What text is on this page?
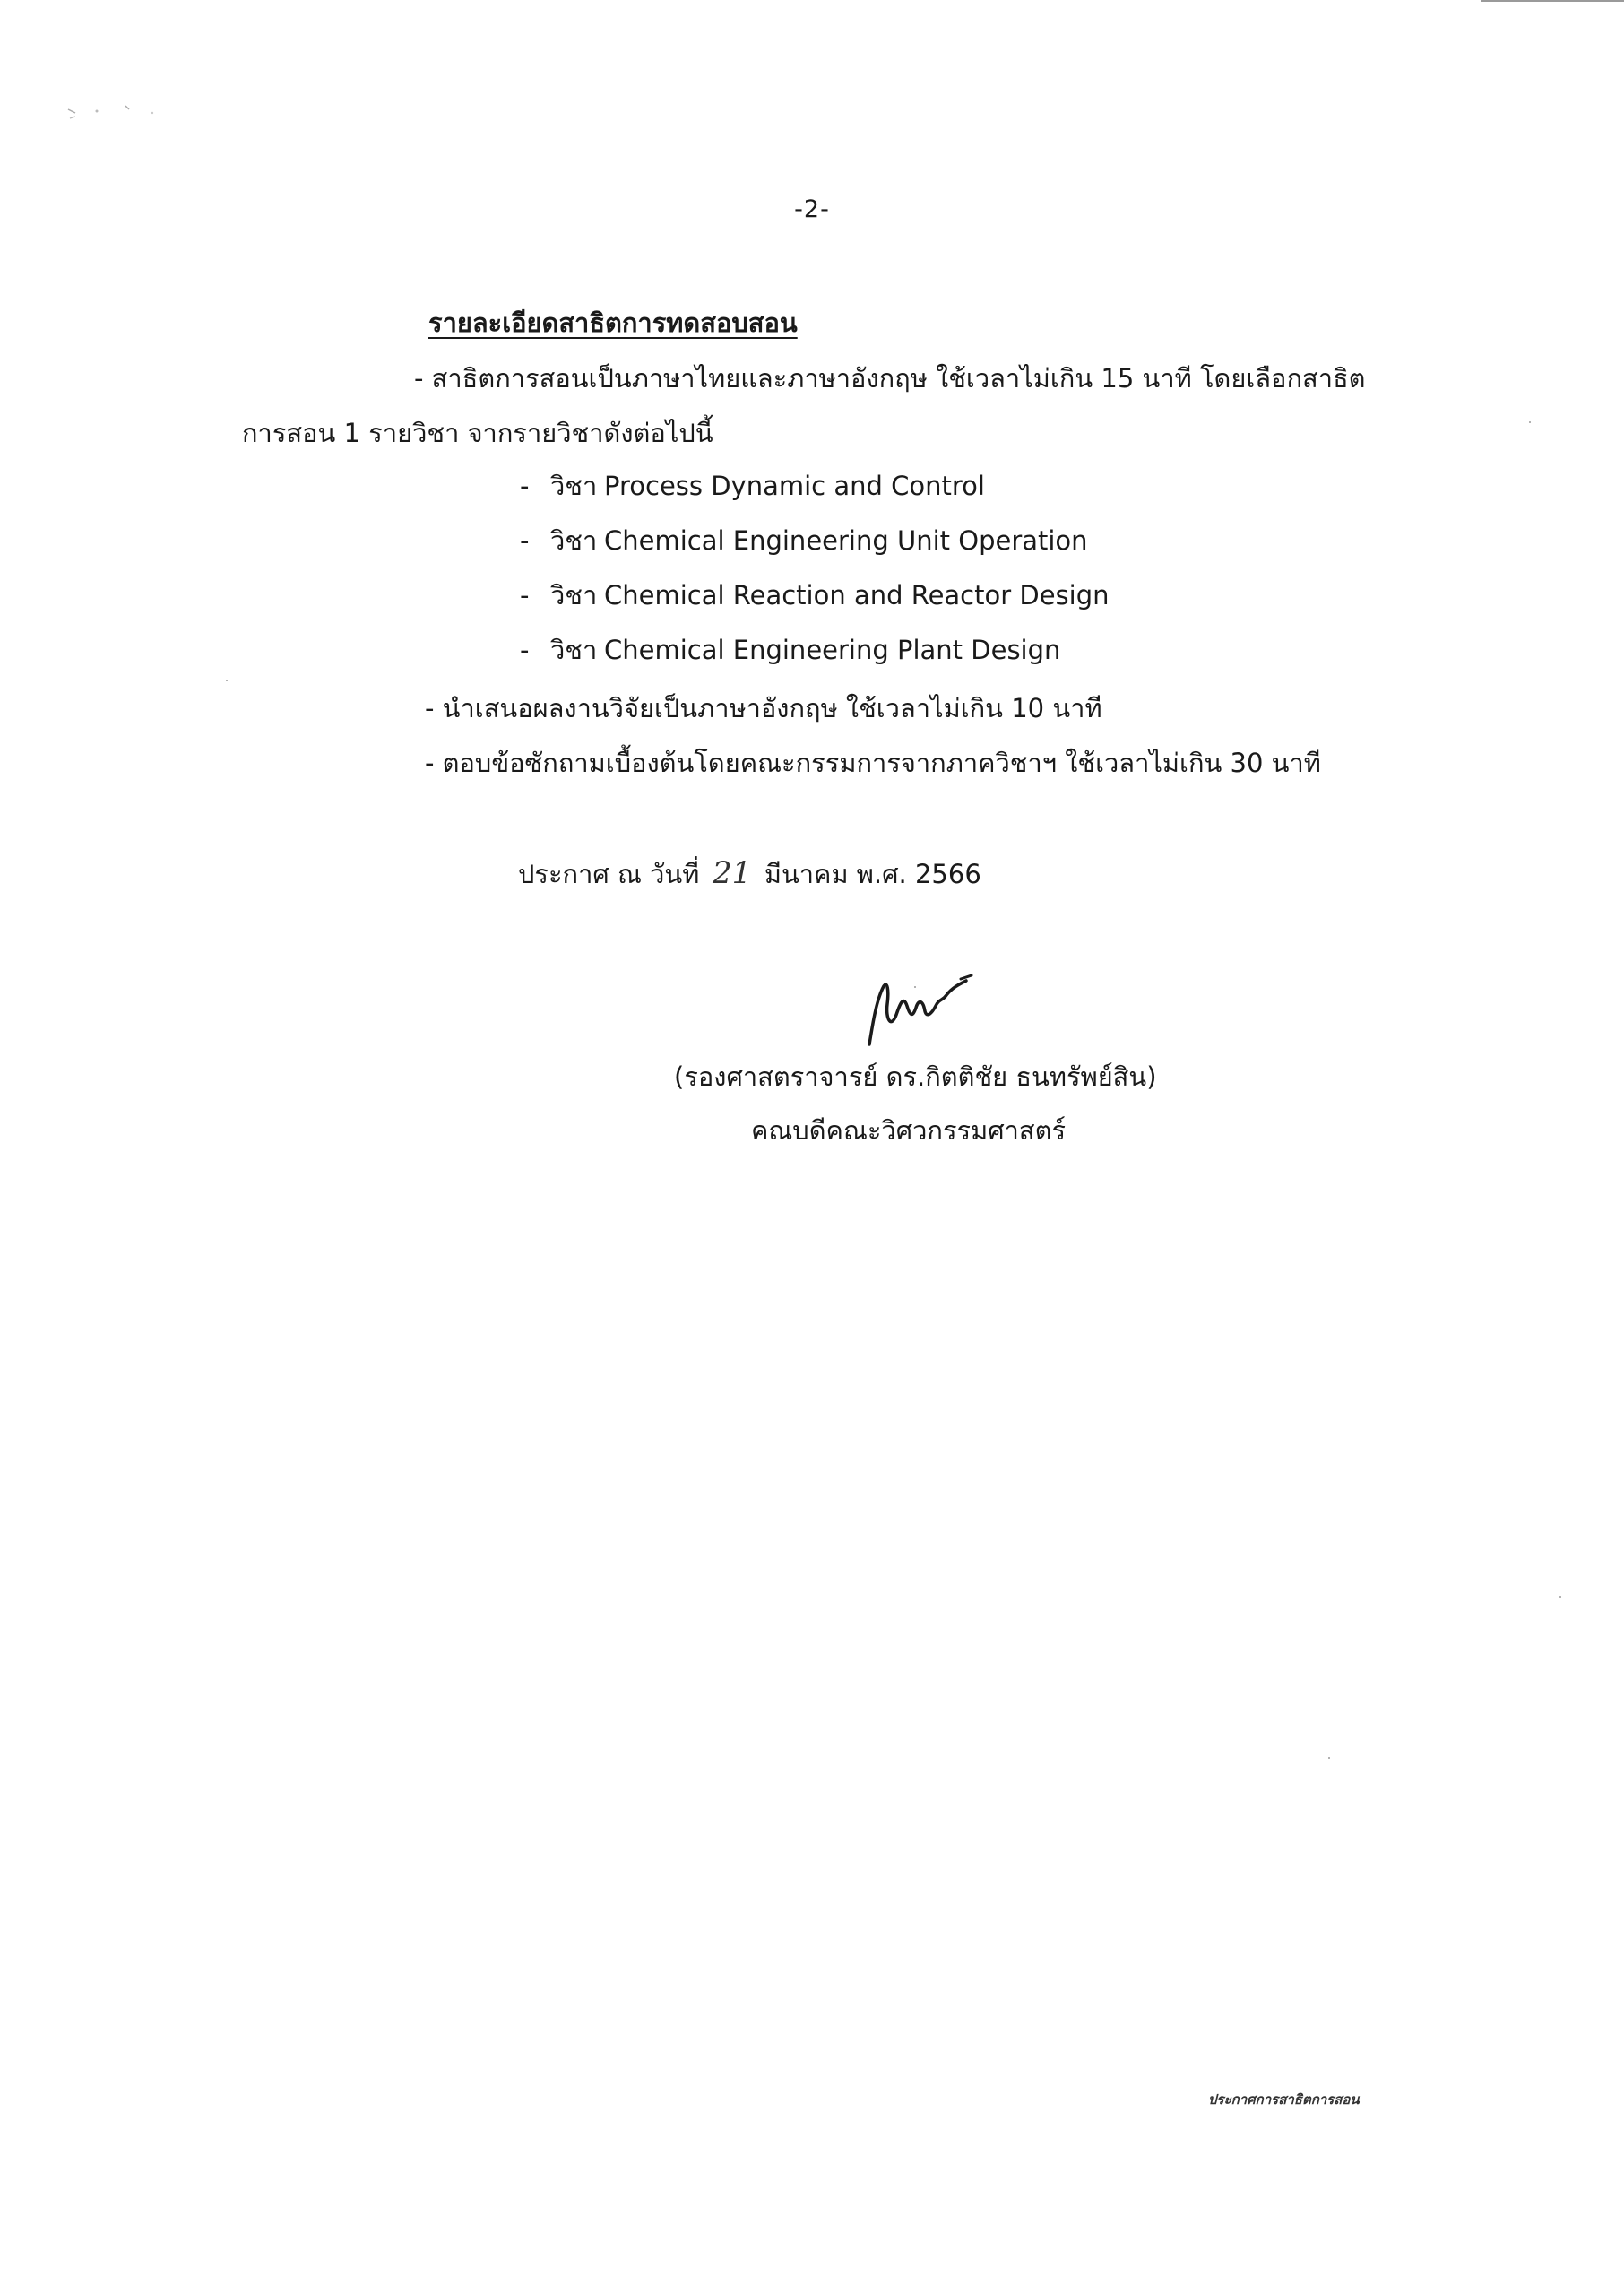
-2-
รายละเอียดสาธิตการทดสอบสอน
- สาธิตการสอนเป็นภาษาไทยและภาษาอังกฤษ ใช้เวลาไม่เกิน 15 นาที โดยเลือกสาธิต
การสอน 1 รายวิชา จากรายวิชาดังต่อไปนี้
- วิชา Process Dynamic and Control
- วิชา Chemical Engineering Unit Operation
- วิชา Chemical Reaction and Reactor Design
- วิชา Chemical Engineering Plant Design
- นำเสนอผลงานวิจัยเป็นภาษาอังกฤษ ใช้เวลาไม่เกิน 10 นาที
- ตอบข้อซักถามเบื้องต้นโดยคณะกรรมการจากภาควิชาฯ ใช้เวลาไม่เกิน 30 นาที
ประกาศ ณ วันที่ 21 มีนาคม พ.ศ. 2566
(รองศาสตราจารย์ ดร.กิตติชัย ธนทรัพย์สิน)
คณบดีคณะวิศวกรรมศาสตร์
ประกาศการสาธิตการสอน
